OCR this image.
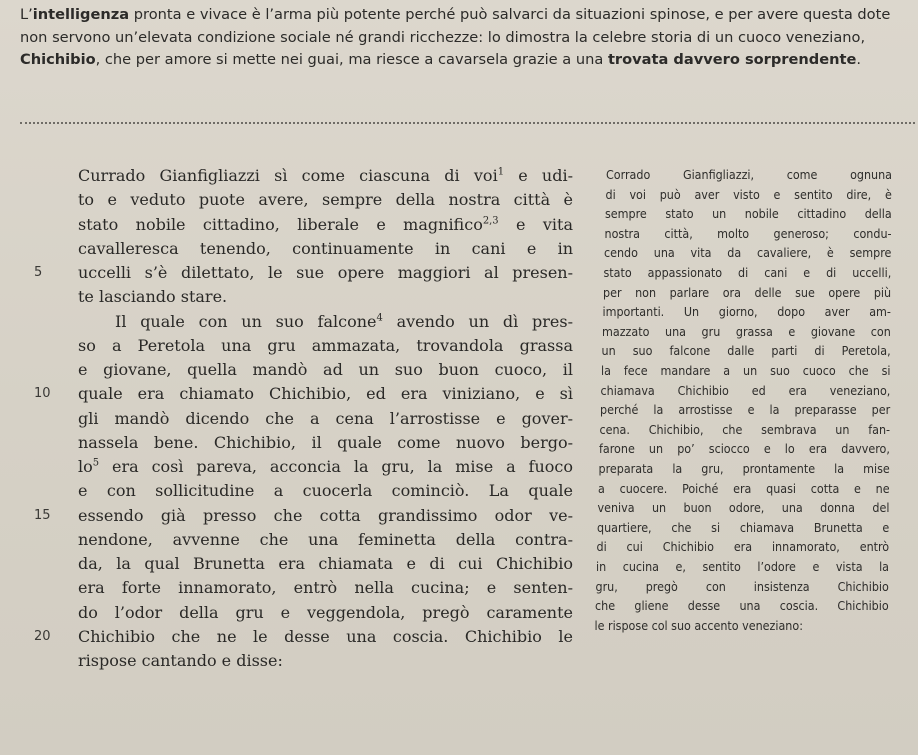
L’intelligenza pronta e vivace è l’arma più potente perché può salvarci da situazioni spinose, e per avere questa dote non servono un’elevata condizione sociale né grandi ricchezze: lo dimostra la celebre storia di un cuoco veneziano, Chichibio, che per amore si mette nei guai, ma riesce a cavarsela grazie a una trovata davvero sorprendente.

Currado Gianfigliazzi sì come ciascuna di voi$^1$ e udi-
to e veduto puote avere, sempre della nostra città è
stato nobile cittadino, liberale e magnifico$^{2,3}$ e vita
cavalleresca tenendo, continuamente in cani e in
uccelli s’è dilettato, le sue opere maggiori al presen-
te lasciando stare.
Il quale con un suo falcone$^4$ avendo un dì pres-
so a Peretola una gru ammazata, trovandola grassa
e giovane, quella mandò ad un suo buon cuoco, il
quale era chiamato Chichibio, ed era viniziano, e sì
gli mandò dicendo che a cena l’arrostisse e gover-
nassela bene. Chichibio, il quale come nuovo bergo-
$lo^5$ era così pareva, acconcia la gru, la mise a fuoco
e con sollicitudine a cuocerla cominciò. La quale
essendo già presso che cotta grandissimo odor ve-
nendone, avvenne che una feminetta della contra-
da, la qual Brunetta era chiamata e di cui Chichibio
era forte innamorato, entrò nella cucina; e senten-
do l’odor della gru e veggendola, pregò caramente
Chichibio che ne le desse una coscia. Chichibio le
rispose cantando e disse:
5
10
15
20
Corrado Gianfigliazzi, come ognuna
di voi può aver visto e sentito dire, è
sempre stato un nobile cittadino della
nostra città, molto generoso; condu-
cendo una vita da cavaliere, è sempre
stato appassionato di cani e di uccelli,
per non parlare ora delle sue opere più
importanti. Un giorno, dopo aver am-
mazzato una gru grassa e giovane con
un suo falcone dalle parti di Peretola,
la fece mandare a un suo cuoco che si
chiamava Chichibio ed era veneziano,
perché la arrostisse e la preparasse per
cena. Chichibio, che sembrava un fan-
farone un po’ sciocco e lo era davvero,
preparata la gru, prontamente la mise
a cuocere. Poiché era quasi cotta e ne
veniva un buon odore, una donna del
quartiere, che si chiamava Brunetta e
di cui Chichibio era innamorato, entrò
in cucina e, sentito l’odore e vista la
gru, pregò con insistenza Chichibio
che gliene desse una coscia. Chichibio
le rispose col suo accento veneziano:
